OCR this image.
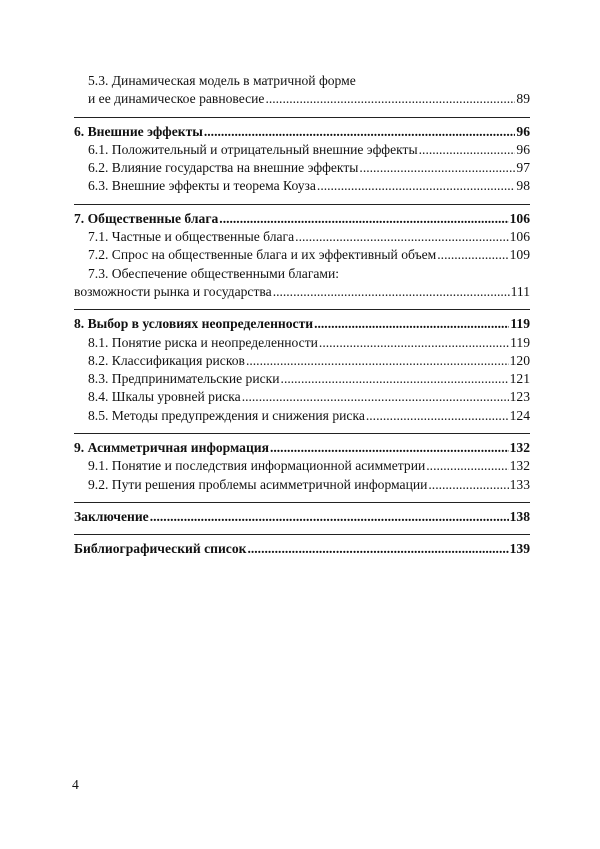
5.3. Динамическая модель в матричной форме
и ее динамическое равновесие .....	89
6. Внешние эффекты .....	96
6.1. Положительный и отрицательный внешние эффекты .....	96
6.2. Влияние государства на внешние эффекты .....	97
6.3. Внешние эффекты и теорема Коуза .....	98
7. Общественные блага .....	106
7.1. Частные и общественные блага .....	106
7.2. Спрос на общественные блага и их эффективный объем .....	109
7.3. Обеспечение общественными благами:
возможности рынка и государства .....	111
8. Выбор в условиях неопределенности .....	119
8.1. Понятие риска и неопределенности .....	119
8.2. Классификация рисков .....	120
8.3. Предпринимательские риски .....	121
8.4. Шкалы уровней риска .....	123
8.5. Методы предупреждения и снижения риска .....	124
9. Асимметричная информация .....	132
9.1. Понятие и последствия информационной асимметрии .....	132
9.2. Пути решения проблемы асимметричной информации .....	133
Заключение .....	138
Библиографический список .....	139
4
